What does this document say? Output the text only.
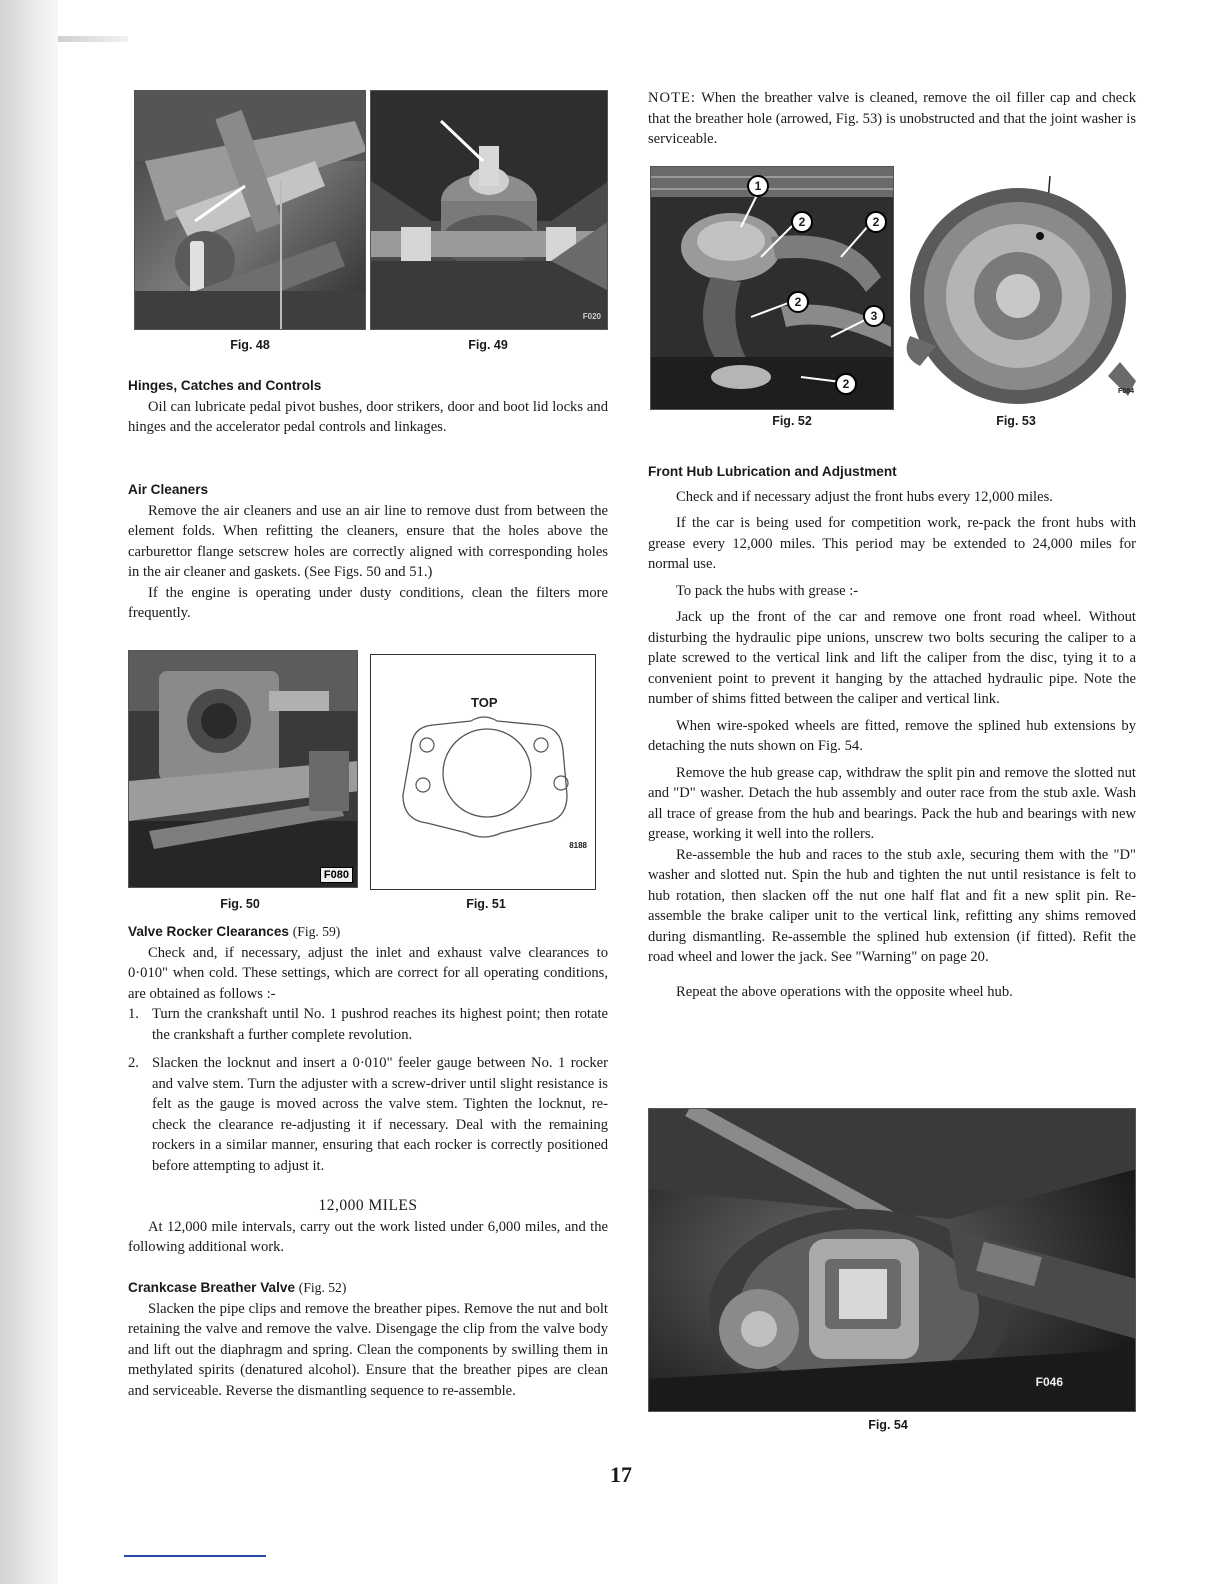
Fig. 48
F020
Fig. 49
Hinges, Catches and Controls

Oil can lubricate pedal pivot bushes, door strikers, door and boot lid locks and hinges and the accelerator pedal controls and linkages.

Air Cleaners

Remove the air cleaners and use an air line to remove dust from between the element folds. When refitting the cleaners, ensure that the holes above the carburettor flange setscrew holes are correctly aligned with corresponding holes in the air cleaner and gaskets. (See Figs. 50 and 51.)

If the engine is operating under dusty conditions, clean the filters more frequently.

F080
Fig. 50
TOP
8188
Fig. 51
Valve Rocker Clearances (Fig. 59)

Check and, if necessary, adjust the inlet and exhaust valve clearances to 0·010" when cold. These settings, which are correct for all operating conditions, are obtained as follows :-

1. Turn the crankshaft until No. 1 pushrod reaches its highest point; then rotate the crankshaft a further complete revolution.
2. Slacken the locknut and insert a 0·010" feeler gauge between No. 1 rocker and valve stem. Turn the adjuster with a screw-driver until slight resistance is felt as the gauge is moved across the valve stem. Tighten the locknut, re-check the clearance re-adjusting it if necessary. Deal with the remaining rockers in a similar manner, ensuring that each rocker is correctly positioned before attempting to adjust it.
12,000 MILES

At 12,000 mile intervals, carry out the work listed under 6,000 miles, and the following additional work.

Crankcase Breather Valve (Fig. 52)

Slacken the pipe clips and remove the breather pipes. Remove the nut and bolt retaining the valve and remove the valve. Disengage the clip from the valve body and lift out the diaphragm and spring. Clean the components by swilling them in methylated spirits (denatured alcohol). Ensure that the breather pipes are clean and serviceable. Reverse the dismantling sequence to re-assemble.

NOTE: When the breather valve is cleaned, remove the oil filler cap and check that the breather hole (arrowed, Fig. 53) is unobstructed and that the joint washer is serviceable.

1
2	2
2
3
2
Fig. 52
F084
Fig. 53
Front Hub Lubrication and Adjustment

Check and if necessary adjust the front hubs every 12,000 miles.

If the car is being used for competition work, re-pack the front hubs with grease every 12,000 miles. This period may be extended to 24,000 miles for normal use.

To pack the hubs with grease :-

Jack up the front of the car and remove one front road wheel. Without disturbing the hydraulic pipe unions, unscrew two bolts securing the caliper to a plate screwed to the vertical link and lift the caliper from the disc, tying it to a convenient point to prevent it hanging by the attached hydraulic pipe. Note the number of shims fitted between the caliper and vertical link.

When wire-spoked wheels are fitted, remove the splined hub extensions by detaching the nuts shown on Fig. 54.

Remove the hub grease cap, withdraw the split pin and remove the slotted nut and "D" washer. Detach the hub assembly and outer race from the stub axle. Wash all trace of grease from the hub and bearings. Pack the hub and bearings with new grease, working it well into the rollers.

Re-assemble the hub and races to the stub axle, securing them with the "D" washer and slotted nut. Spin the hub and tighten the nut until resistance is felt to hub rotation, then slacken off the nut one half flat and fit a new split pin. Re-assemble the brake caliper unit to the vertical link, refitting any shims removed during dismantling. Re-assemble the splined hub extension (if fitted). Refit the road wheel and lower the jack. See "Warning" on page 20.

Repeat the above operations with the opposite wheel hub.

F046
Fig. 54
17
